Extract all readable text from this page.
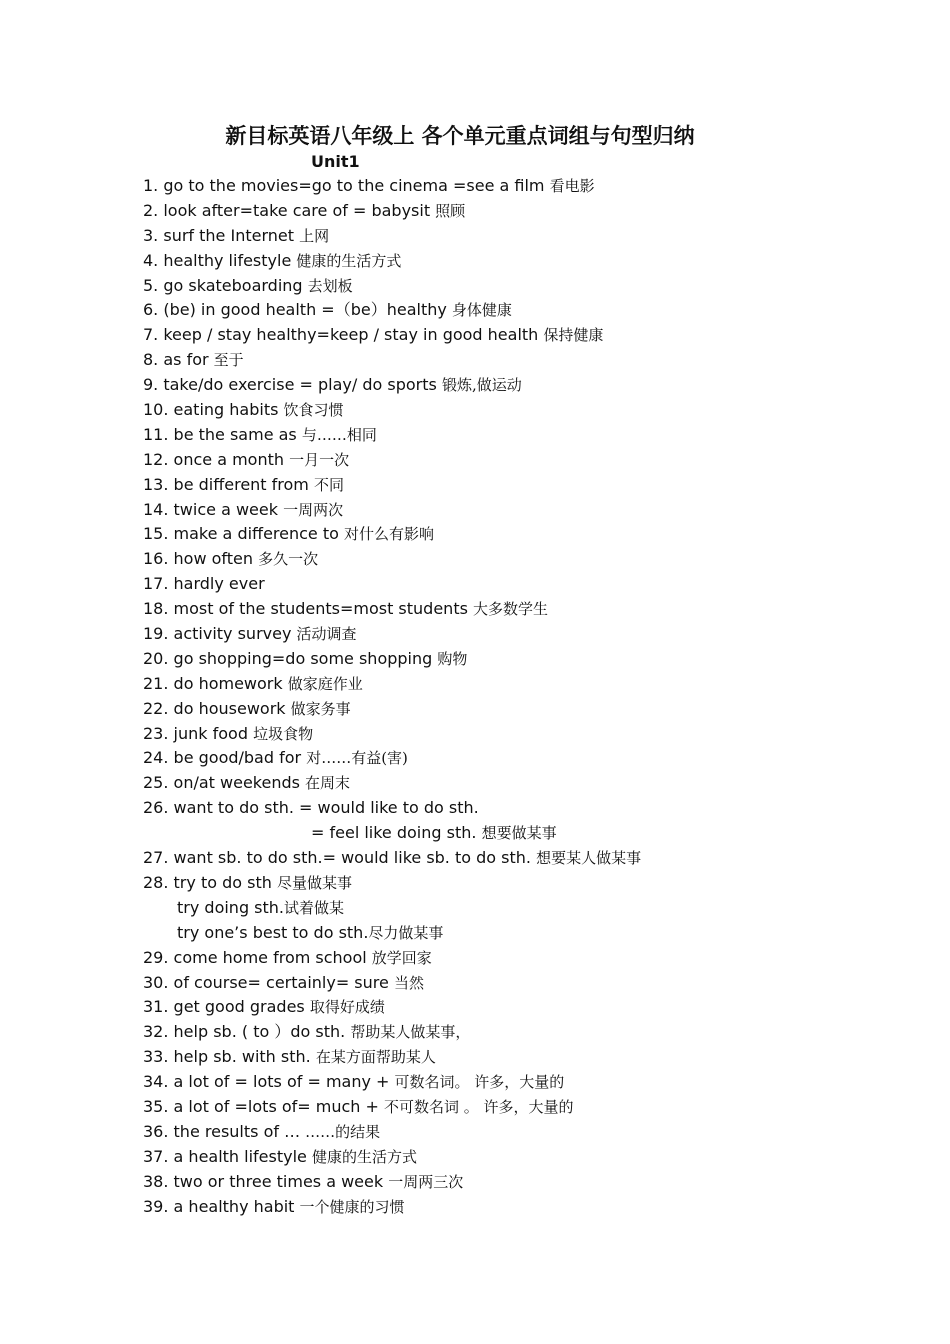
新目标英语八年级上 各个单元重点词组与句型归纳
Unit1
1. go to the movies=go to the cinema =see a film 看电影
2. look after=take care of = babysit 照顾
3. surf the Internet 上网
4. healthy lifestyle 健康的生活方式
5. go skateboarding 去划板
6. (be) in good health =（be）healthy 身体健康
7. keep / stay healthy=keep / stay in good health 保持健康
8. as for 至于
9. take/do exercise = play/ do sports 锻炼,做运动
10. eating habits 饮食习惯
11. be the same as 与……相同
12. once a month 一月一次
13. be different from 不同
14. twice a week 一周两次
15. make a difference to 对什么有影响
16. how often 多久一次
17. hardly ever
18. most of the students=most students 大多数学生
19. activity survey 活动调查
20. go shopping=do some shopping 购物
21. do homework 做家庭作业
22. do housework 做家务事
23. junk food 垃圾食物
24. be good/bad for 对……有益(害)
25. on/at weekends 在周末
26. want to do sth. = would like to do sth.
= feel like doing sth. 想要做某事
27. want sb. to do sth.= would like sb. to do sth. 想要某人做某事
28. try to do sth 尽量做某事
try doing sth.试着做某
try one’s best to do sth.尽力做某事
29. come home from school 放学回家
30. of course= certainly= sure 当然
31. get good grades 取得好成绩
32. help sb. ( to ）do sth. 帮助某人做某事，
33. help sb. with sth. 在某方面帮助某人
34. a lot of = lots of = many + 可数名词。 许多，大量的
35. a lot of =lots of= much + 不可数名词 。 许多，大量的
36. the results of … ……的结果
37. a health lifestyle 健康的生活方式
38. two or three times a week 一周两三次
39. a healthy habit 一个健康的习惯
